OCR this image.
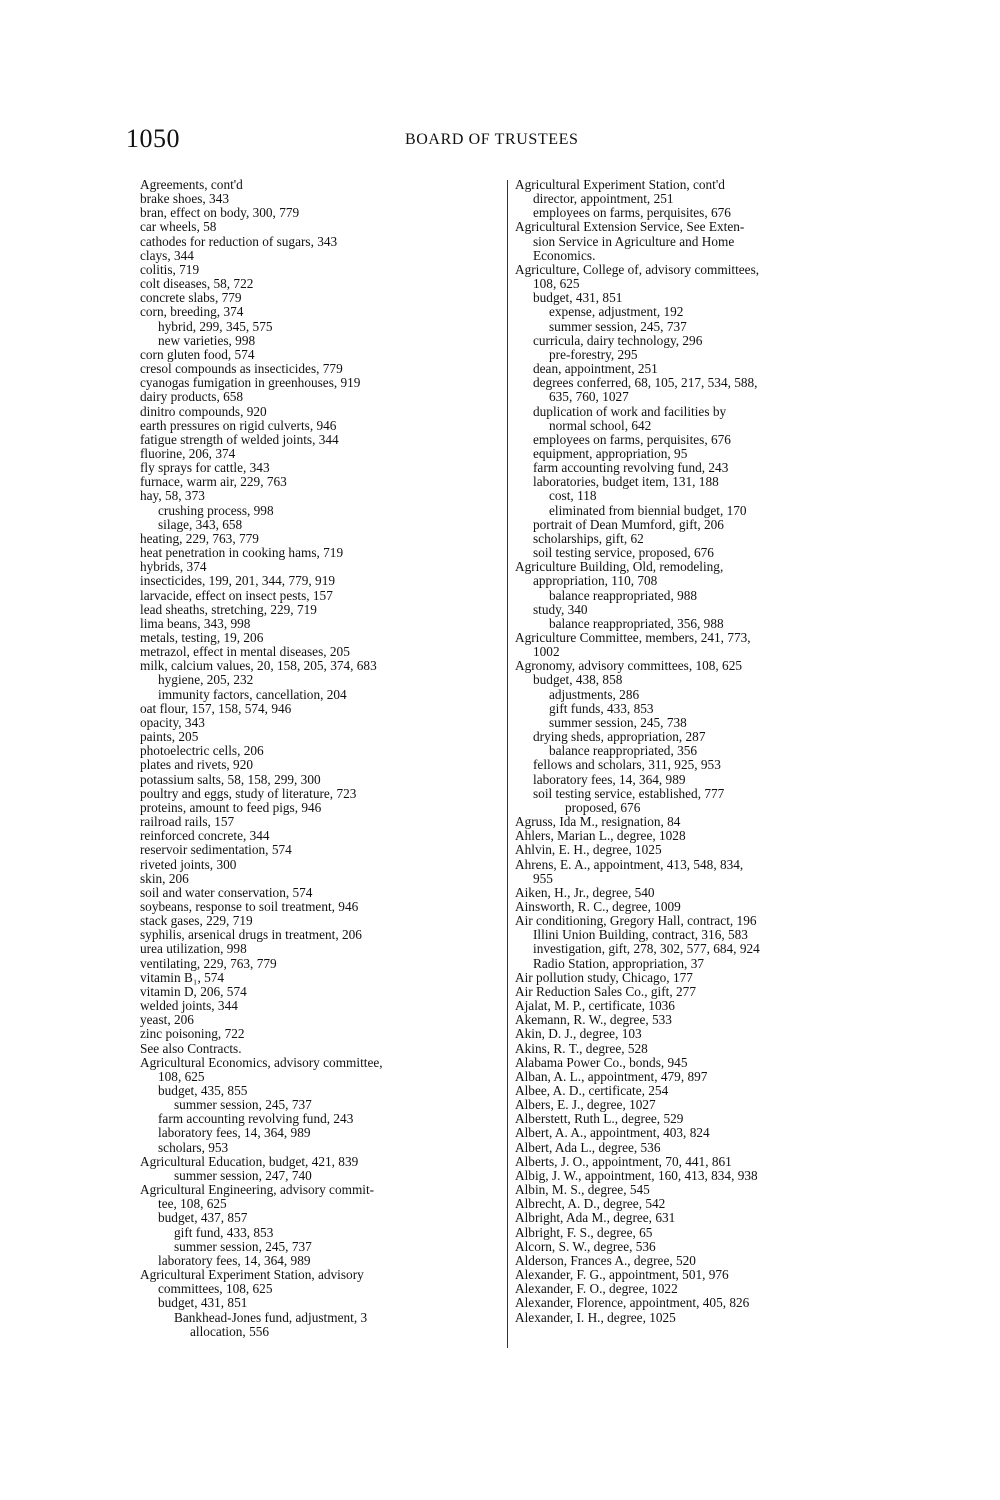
1050	BOARD OF TRUSTEES
Agreements, cont'd
brake shoes, 343
bran, effect on body, 300, 779
car wheels, 58
cathodes for reduction of sugars, 343
clays, 344
colitis, 719
colt diseases, 58, 722
concrete slabs, 779
corn, breeding, 374
hybrid, 299, 345, 575
new varieties, 998
corn gluten food, 574
cresol compounds as insecticides, 779
cyanogas fumigation in greenhouses, 919
dairy products, 658
dinitro compounds, 920
earth pressures on rigid culverts, 946
fatigue strength of welded joints, 344
fluorine, 206, 374
fly sprays for cattle, 343
furnace, warm air, 229, 763
hay, 58, 373
crushing process, 998
silage, 343, 658
heating, 229, 763, 779
heat penetration in cooking hams, 719
hybrids, 374
insecticides, 199, 201, 344, 779, 919
larvacide, effect on insect pests, 157
lead sheaths, stretching, 229, 719
lima beans, 343, 998
metals, testing, 19, 206
metrazol, effect in mental diseases, 205
milk, calcium values, 20, 158, 205, 374, 683
hygiene, 205, 232
immunity factors, cancellation, 204
oat flour, 157, 158, 574, 946
opacity, 343
paints, 205
photoelectric cells, 206
plates and rivets, 920
potassium salts, 58, 158, 299, 300
poultry and eggs, study of literature, 723
proteins, amount to feed pigs, 946
railroad rails, 157
reinforced concrete, 344
reservoir sedimentation, 574
riveted joints, 300
skin, 206
soil and water conservation, 574
soybeans, response to soil treatment, 946
stack gases, 229, 719
syphilis, arsenical drugs in treatment, 206
urea utilization, 998
ventilating, 229, 763, 779
vitamin B₁, 574
vitamin D, 206, 574
welded joints, 344
yeast, 206
zinc poisoning, 722
See also Contracts.
Agricultural Economics, advisory committee,
108, 625
budget, 435, 855
summer session, 245, 737
farm accounting revolving fund, 243
laboratory fees, 14, 364, 989
scholars, 953
Agricultural Education, budget, 421, 839
summer session, 247, 740
Agricultural Engineering, advisory commit-
tee, 108, 625
budget, 437, 857
gift fund, 433, 853
summer session, 245, 737
laboratory fees, 14, 364, 989
Agricultural Experiment Station, advisory
committees, 108, 625
budget, 431, 851
Bankhead-Jones fund, adjustment, 3
allocation, 556
Agricultural Experiment Station, cont'd
director, appointment, 251
employees on farms, perquisites, 676
Agricultural Extension Service, See Exten-
sion Service in Agriculture and Home
Economics.
Agriculture, College of, advisory committees,
108, 625
budget, 431, 851
expense, adjustment, 192
summer session, 245, 737
curricula, dairy technology, 296
pre-forestry, 295
dean, appointment, 251
degrees conferred, 68, 105, 217, 534, 588,
635, 760, 1027
duplication of work and facilities by
normal school, 642
employees on farms, perquisites, 676
equipment, appropriation, 95
farm accounting revolving fund, 243
laboratories, budget item, 131, 188
cost, 118
eliminated from biennial budget, 170
portrait of Dean Mumford, gift, 206
scholarships, gift, 62
soil testing service, proposed, 676
Agriculture Building, Old, remodeling,
appropriation, 110, 708
balance reappropriated, 988
study, 340
balance reappropriated, 356, 988
Agriculture Committee, members, 241, 773,
1002
Agronomy, advisory committees, 108, 625
budget, 438, 858
adjustments, 286
gift funds, 433, 853
summer session, 245, 738
drying sheds, appropriation, 287
balance reappropriated, 356
fellows and scholars, 311, 925, 953
laboratory fees, 14, 364, 989
soil testing service, established, 777
proposed, 676
Agruss, Ida M., resignation, 84
Ahlers, Marian L., degree, 1028
Ahlvin, E. H., degree, 1025
Ahrens, E. A., appointment, 413, 548, 834,
955
Aiken, H., Jr., degree, 540
Ainsworth, R. C., degree, 1009
Air conditioning, Gregory Hall, contract, 196
Illini Union Building, contract, 316, 583
investigation, gift, 278, 302, 577, 684, 924
Radio Station, appropriation, 37
Air pollution study, Chicago, 177
Air Reduction Sales Co., gift, 277
Ajalat, M. P., certificate, 1036
Akemann, R. W., degree, 533
Akin, D. J., degree, 103
Akins, R. T., degree, 528
Alabama Power Co., bonds, 945
Alban, A. L., appointment, 479, 897
Albee, A. D., certificate, 254
Albers, E. J., degree, 1027
Alberstett, Ruth L., degree, 529
Albert, A. A., appointment, 403, 824
Albert, Ada L., degree, 536
Alberts, J. O., appointment, 70, 441, 861
Albig, J. W., appointment, 160, 413, 834, 938
Albin, M. S., degree, 545
Albrecht, A. D., degree, 542
Albright, Ada M., degree, 631
Albright, F. S., degree, 65
Alcorn, S. W., degree, 536
Alderson, Frances A., degree, 520
Alexander, F. G., appointment, 501, 976
Alexander, F. O., degree, 1022
Alexander, Florence, appointment, 405, 826
Alexander, I. H., degree, 1025
